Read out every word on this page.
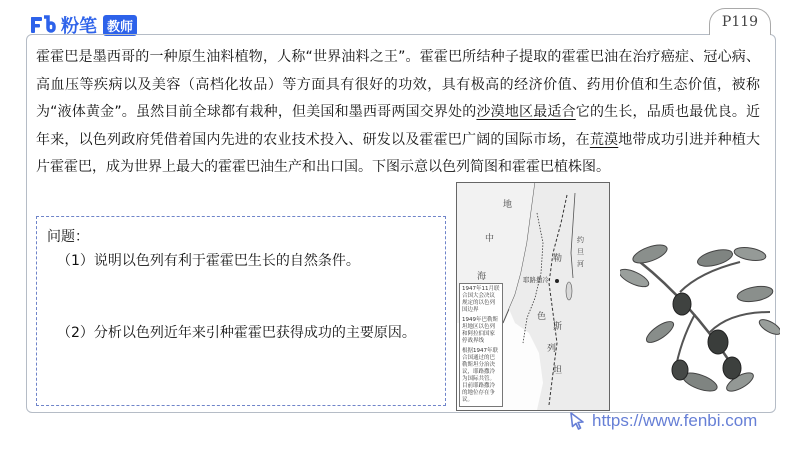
粉笔 教师	P119

霍霍巴是墨西哥的一种原生油料植物，人称“世界油料之王”。霍霍巴所结种子提取的霍霍巴油在治疗癌症、冠心病、高血压等疾病以及美容（高档化妆品）等方面具有很好的功效，具有极高的经济价值、药用价值和生态价值，被称为“液体黄金”。虽然目前全球都有栽种，但美国和墨西哥两国交界处的沙漠地区最适合它的生长，品质也最优良。近年来，以色列政府凭借着国内先进的农业技术投入、研发以及霍霍巴广阔的国际市场，在荒漠地带成功引进并种植大片霍霍巴，成为世界上最大的霍霍巴油生产和出口国。下图示意以色列简图和霍霍巴植株图。

问题：
（1）说明以色列有利于霍霍巴生长的自然条件。
（2）分析以色列近年来引种霍霍巴获得成功的主要原因。
地
中
海
约
旦
河
耶路撒冷
勒
色
斯
列
坦
1947年11月联合国大会决议规定的以色列国边界
1949年巴勒斯坦地区以色列和阿拉伯国家停战界线
根据1947年联合国通过的巴勒斯坦分治决议，耶路撒冷为国际共管。目前耶路撒冷的地位存在争议。
https://www.fenbi.com
